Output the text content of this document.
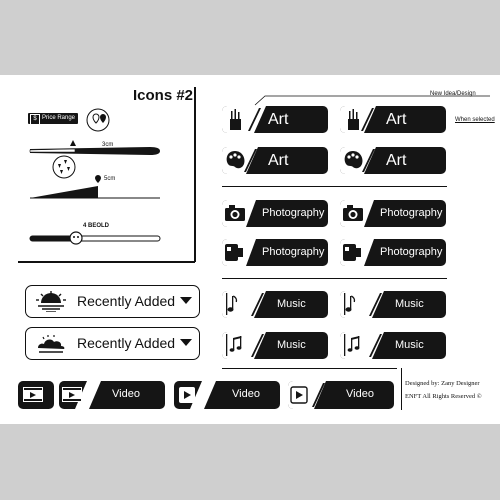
Icons #2
$ Price Range
3cm
5cm
4 BEOLD
New Idea/Design
When selected
Art	Art
Art	Art
Photography	Photography
Photography	Photography
Music	Music
Music	Music
Recently Added
Recently Added
Video	Video	Video
Designed by: Zany Designer
ENFT All Rights Reserved ©
